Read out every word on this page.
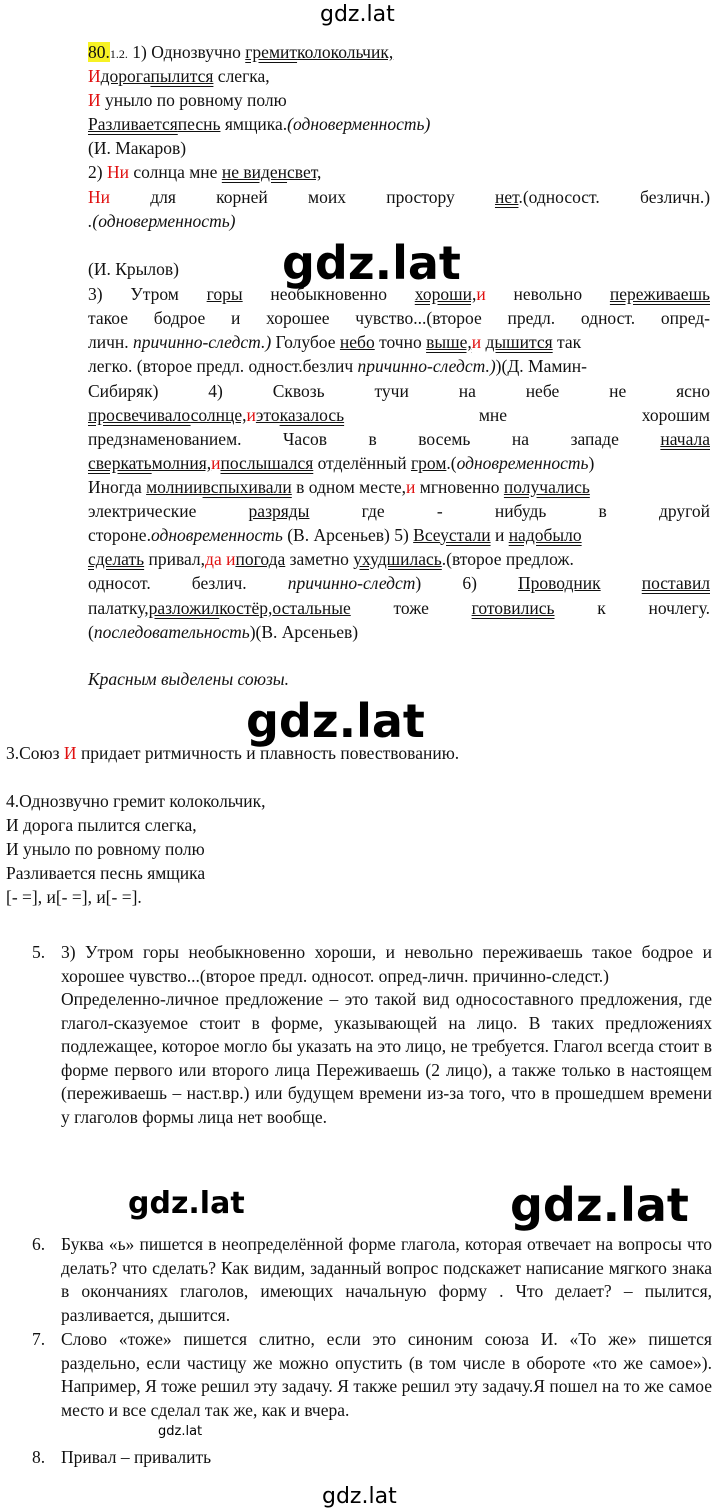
gdz.lat
gdz.lat
gdz.lat
gdz.lat	gdz.lat
gdz.lat
gdz.lat
80.1.2. 1) Однозвучно гремитколокольчик,
Идорогапылится слегка,
И уныло по ровному полю
Разливаетсяпеснь ямщика.(одноверменность)
(И. Макаров)
2) Ни солнца мне не виденсвет,
Ни для корней моих простору нет.(односост. безличн.)
.(одноверменность)
(И. Крылов)
3) Утром горы необыкновенно хороши,и невольно переживаешь
такое бодрое и хорошее чувство...(второе предл. одност. опред-
личн. причинно-следст.) Голубое небо точно выше,и дышится так
легко. (второе предл. одност.безлич причинно-следст.))(Д. Мамин-
Сибиряк)	4)	Сквозь	тучи	на	небе	не	ясно
просвечивалосолнце,иэтоказалось	мне	хорошим
предзнаменованием. Часов в восемь на западе начала
сверкатьмолния,ипослышался отделённый гром.(одновременность)
Иногда молниивспыхивали в одном месте,и мгновенно получались
электрические	разряды	где	-	нибудь	в	другой
стороне.одновременность (В. Арсеньев) 5) Всеустали и надобыло
сделать привал,да ипогода заметно ухудшилась.(второе предлож.
односот. безлич. причинно-следст) 6) Проводник поставил
палатку,разложилкостёр,остальные тоже готовились к ночлегу.
(последовательность)(В. Арсеньев)
Красным выделены союзы.
3.Союз И придает ритмичность и плавность повествованию.
4.Однозвучно гремит колокольчик,
И дорога пылится слегка,
И уныло по ровному полю
Разливается песнь ямщика
[- =], и[- =], и[- =].
5. 3) Утром горы необыкновенно хороши, и невольнo переживаешь такое бодрое и хорошее чувство...(второе предл. односот. опред-личн. причинно-следст.)
Определенно-личное предложение – это такой вид односоставного предложения, где глагол-сказуемое стоит в форме, указывающей на лицо. В таких предложениях подлежащее, которое могло бы указать на это лицо, не требуется. Глагол всегда стоит в форме первого или второго лица Переживаешь (2 лицо), а также только в настоящем (переживаешь – наст.вр.) или будущем времени из-за того, что в прошедшем времени у глаголов формы лица нет вообще.
6. Буква «ь» пишется в неопределённой форме глагола, которая отвечает на вопросы что делать? что сделать? Как видим, заданный вопрос подскажет написание мягкого знака в окончаниях глаголов, имеющих начальную форму . Что делает? – пылится, разливается, дышится.
7. Слово «тоже» пишется слитно, если это синоним союза И. «То же» пишется раздельно, если частицу же можно опустить (в том числе в обороте «то же самое»). Например, Я тоже решил эту задачу. Я также решил эту задачу.Я пошел на то же самое место и все сделал так же, как и вчера.
8. Привал – привалить
